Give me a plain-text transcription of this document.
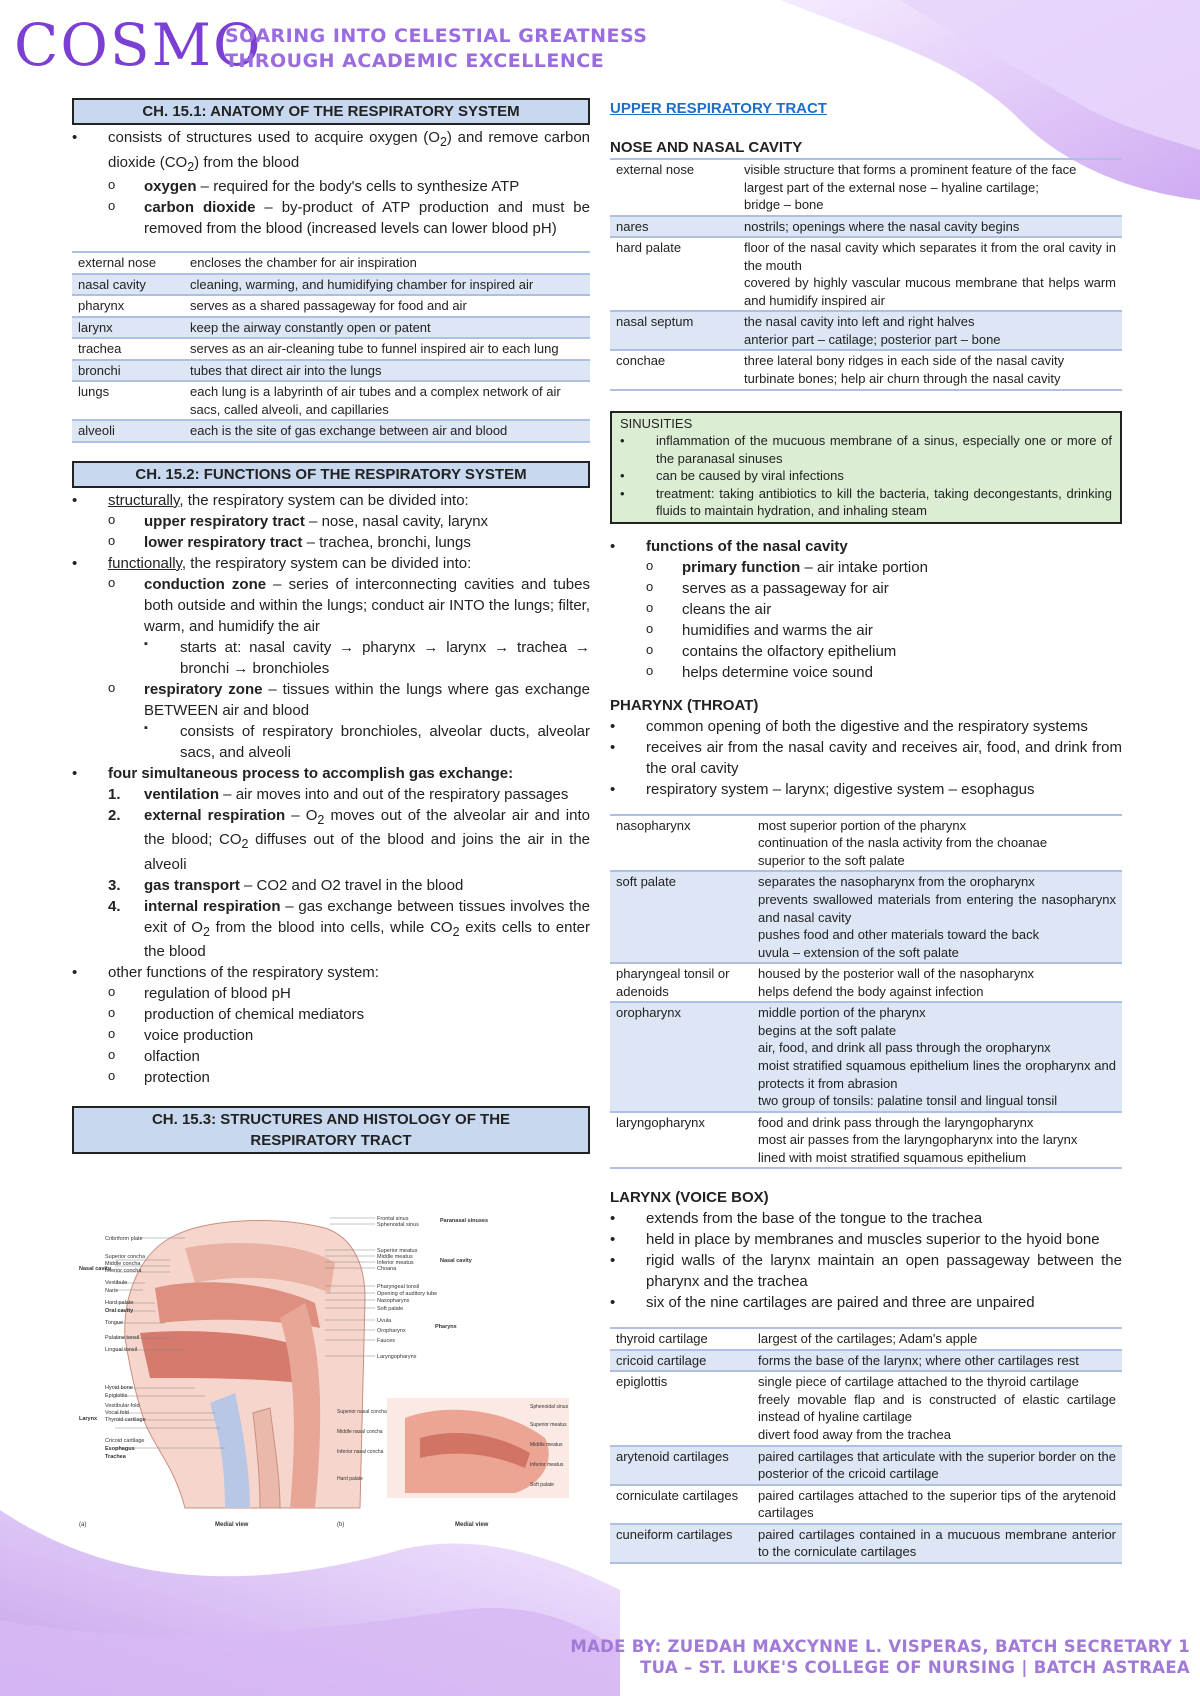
COSMO
SOARING INTO CELESTIAL GREATNESS
THROUGH ACADEMIC EXCELLENCE
CH. 15.1: ANATOMY OF THE RESPIRATORY SYSTEM
• consists of structures used to acquire oxygen $(O_2)$ and remove carbon dioxide $(CO_2)$ from the blood
o oxygen – required for the body's cells to synthesize ATP
o carbon dioxide – by-product of ATP production and must be removed from the blood (increased levels can lower blood pH)
external nose	encloses the chamber for air inspiration
nasal cavity	cleaning, warming, and humidifying chamber for inspired air
pharynx	serves as a shared passageway for food and air
larynx	keep the airway constantly open or patent
trachea	serves as an air-cleaning tube to funnel inspired air to each lung
bronchi	tubes that direct air into the lungs
lungs	each lung is a labyrinth of air tubes and a complex network of air sacs, called alveoli, and capillaries
alveoli	each is the site of gas exchange between air and blood
CH. 15.2: FUNCTIONS OF THE RESPIRATORY SYSTEM
• structurally, the respiratory system can be divided into:
o upper respiratory tract – nose, nasal cavity, larynx
o lower respiratory tract – trachea, bronchi, lungs
• functionally, the respiratory system can be divided into:
o conduction zone – series of interconnecting cavities and tubes both outside and within the lungs; conduct air INTO the lungs; filter, warm, and humidify the air
▪ starts at: nasal cavity → pharynx → larynx → trachea → bronchi → bronchioles
o respiratory zone – tissues within the lungs where gas exchange BETWEEN air and blood
▪ consists of respiratory bronchioles, alveolar ducts, alveolar sacs, and alveoli
• four simultaneous process to accomplish gas exchange:
1. ventilation – air moves into and out of the respiratory passages
2. external respiration – $O_2$ moves out of the alveolar air and into the blood; $CO_2$ diffuses out of the blood and joins the air in the alveoli
3. gas transport – CO2 and O2 travel in the blood
4. internal respiration – gas exchange between tissues involves the exit of $O_2$ from the blood into cells, while $CO_2$ exits cells to enter the blood
• other functions of the respiratory system:
o regulation of blood pH
o production of chemical mediators
o voice production
o olfaction
o protection
CH. 15.3: STRUCTURES AND HISTOLOGY OF THE
RESPIRATORY TRACT
Cribriform plate
Nasal cavity
Superior concha
Middle concha
Inferior concha
Vestibule
Naris
Hard palate
Oral cavity
Tongue
Palatine tonsil
Lingual tonsil
Hyoid bone
Epiglottis
Larynx
Vestibular fold
Vocal fold
Thyroid cartilage
Cricoid cartilage
Esophagus
Trachea
Frontal sinus
Sphenoidal sinus
Paranasal sinuses
Superior meatus
Middle meatus
Inferior meatus
Choana
Nasal cavity
Pharyngeal tonsil
Opening of auditory tube
Nasopharynx
Soft palate
Uvula
Oropharynx
Fauces
Laryngopharynx
Pharynx
Superior nasal concha
Middle nasal concha
Inferior nasal concha
Hard palate
Sphenoidal sinus
Superior meatus
Middle meatus
Inferior meatus
Soft palate
(a)	Medial view	(b)	Medial view
UPPER RESPIRATORY TRACT
NOSE AND NASAL CAVITY
external nose	visible structure that forms a prominent feature of the face
largest part of the external nose – hyaline cartilage;
bridge – bone

nares	nostrils; openings where the nasal cavity begins
hard palate	floor of the nasal cavity which separates it from the oral cavity in the mouth
covered by highly vascular mucous membrane that helps warm and humidify inspired air

nasal septum	the nasal cavity into left and right halves
anterior part – catilage; posterior part – bone

conchae	three lateral bony ridges in each side of the nasal cavity
turbinate bones; help air churn through the nasal cavity
SINUSITIES
• inflammation of the mucuous membrane of a sinus, especially one or more of the paranasal sinuses
• can be caused by viral infections
• treatment: taking antibiotics to kill the bacteria, taking decongestants, drinking fluids to maintain hydration, and inhaling steam
• functions of the nasal cavity
o primary function – air intake portion
o serves as a passageway for air
o cleans the air
o humidifies and warms the air
o contains the olfactory epithelium
o helps determine voice sound
PHARYNX (THROAT)
• common opening of both the digestive and the respiratory systems
• receives air from the nasal cavity and receives air, food, and drink from the oral cavity
• respiratory system – larynx; digestive system – esophagus
nasopharynx	most superior portion of the pharynx
continuation of the nasla activity from the choanae
superior to the soft palate

soft palate	separates the nasopharynx from the oropharynx
prevents swallowed materials from entering the nasopharynx and nasal cavity
pushes food and other materials toward the back
uvula – extension of the soft palate

pharyngeal tonsil or adenoids	housed by the posterior wall of the nasopharynx
helps defend the body against infection

oropharynx	middle portion of the pharynx
begins at the soft palate
air, food, and drink all pass through the oropharynx
moist stratified squamous epithelium lines the oropharynx and protects it from abrasion
two group of tonsils: palatine tonsil and lingual tonsil

laryngopharynx	food and drink pass through the laryngopharynx
most air passes from the laryngopharynx into the larynx
lined with moist stratified squamous epithelium
LARYNX (VOICE BOX)
• extends from the base of the tongue to the trachea
• held in place by membranes and muscles superior to the hyoid bone
• rigid walls of the larynx maintain an open passageway between the pharynx and the trachea
• six of the nine cartilages are paired and three are unpaired
thyroid cartilage	largest of the cartilages; Adam's apple
cricoid cartilage	forms the base of the larynx; where other cartilages rest
epiglottis	single piece of cartilage attached to the thyroid cartilage
freely movable flap and is constructed of elastic cartilage instead of hyaline cartilage
divert food away from the trachea

arytenoid cartilages	paired cartilages that articulate with the superior border on the posterior of the cricoid cartilage
corniculate cartilages	paired cartilages attached to the superior tips of the arytenoid cartilages
cuneiform cartilages	paired cartilages contained in a mucuous membrane anterior to the corniculate cartilages
MADE BY: ZUEDAH MAXCYNNE L. VISPERAS, BATCH SECRETARY 1
TUA – ST. LUKE'S COLLEGE OF NURSING | BATCH ASTRAEA
